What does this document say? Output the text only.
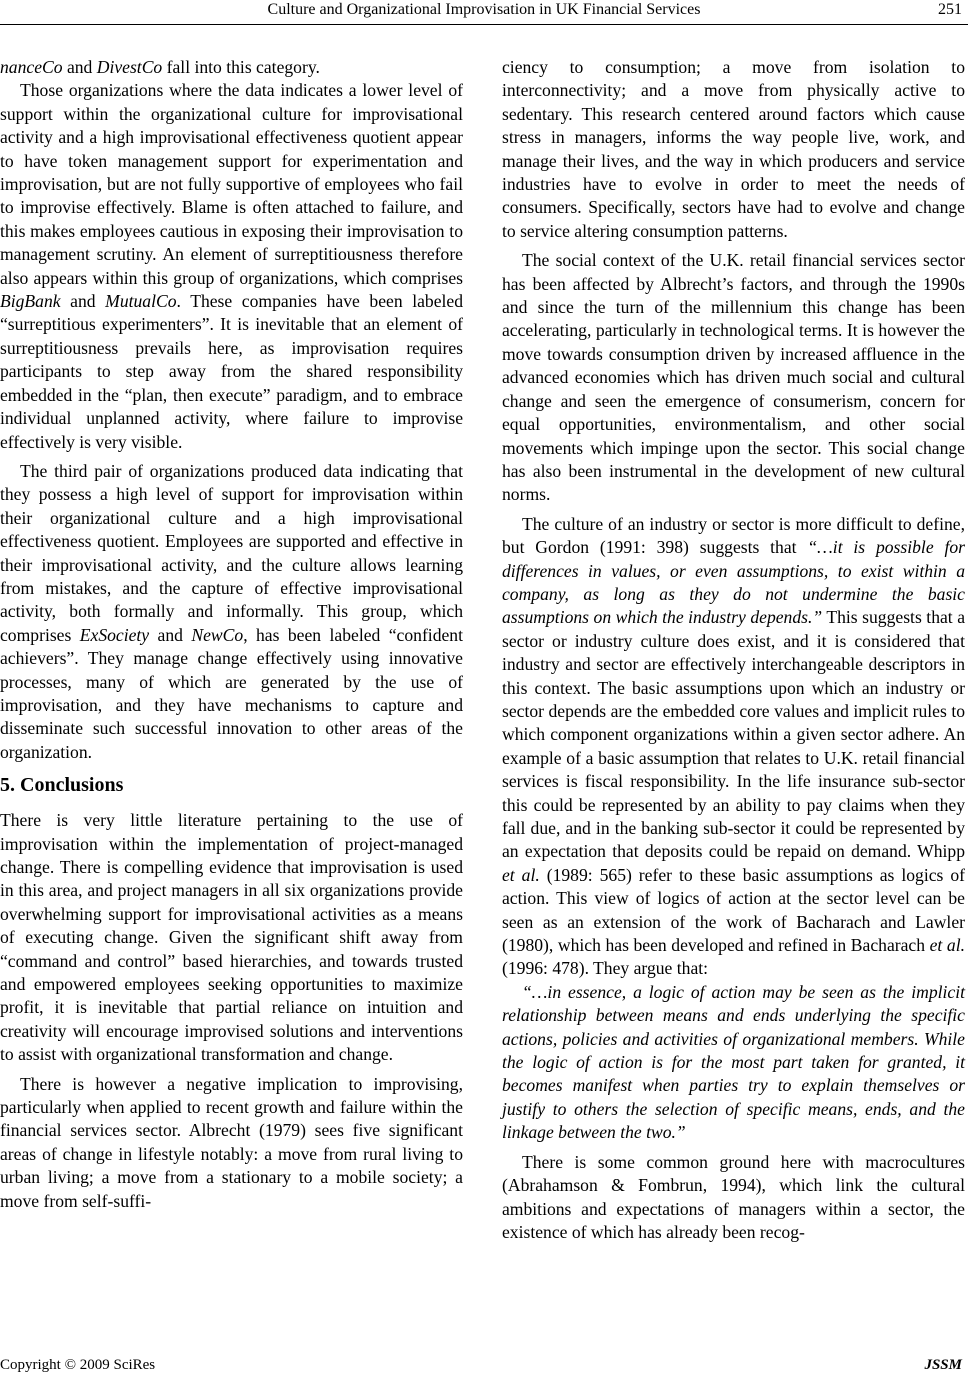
Culture and Organizational Improvisation in UK Financial Services	251

nanceCo and DivestCo fall into this category.

Those organizations where the data indicates a lower level of support within the organizational culture for improvisational activity and a high improvisational effectiveness quotient appear to have token management support for experimentation and improvisation, but are not fully supportive of employees who fail to improvise effectively. Blame is often attached to failure, and this makes employees cautious in exposing their improvisation to management scrutiny. An element of surreptitiousness therefore also appears within this group of organizations, which comprises BigBank and MutualCo. These companies have been labeled “surreptitious experimenters”. It is inevitable that an element of surreptitiousness prevails here, as improvisation requires participants to step away from the shared responsibility embedded in the “plan, then execute” paradigm, and to embrace individual unplanned activity, where failure to improvise effectively is very visible.

The third pair of organizations produced data indicating that they possess a high level of support for improvisation within their organizational culture and a high improvisational effectiveness quotient. Employees are supported and effective in their improvisational activity, and the culture allows learning from mistakes, and the capture of effective improvisational activity, both formally and informally. This group, which comprises ExSociety and NewCo, has been labeled “confident achievers”. They manage change effectively using innovative processes, many of which are generated by the use of improvisation, and they have mechanisms to capture and disseminate such successful innovation to other areas of the organization.

5. Conclusions

There is very little literature pertaining to the use of improvisation within the implementation of project-managed change. There is compelling evidence that improvisation is used in this area, and project managers in all six organizations provide overwhelming support for improvisational activities as a means of executing change. Given the significant shift away from “command and control” based hierarchies, and towards trusted and empowered employees seeking opportunities to maximize profit, it is inevitable that partial reliance on intuition and creativity will encourage improvised solutions and interventions to assist with organizational transformation and change.

There is however a negative implication to improvising, particularly when applied to recent growth and failure within the financial services sector. Albrecht (1979) sees five significant areas of change in lifestyle notably: a move from rural living to urban living; a move from a stationary to a mobile society; a move from self-suffi-

ciency to consumption; a move from isolation to interconnectivity; and a move from physically active to sedentary. This research centered around factors which cause stress in managers, informs the way people live, work, and manage their lives, and the way in which producers and service industries have to evolve in order to meet the needs of consumers. Specifically, sectors have had to evolve and change to service altering consumption patterns.

The social context of the U.K. retail financial services sector has been affected by Albrecht’s factors, and through the 1990s and since the turn of the millennium this change has been accelerating, particularly in technological terms. It is however the move towards consumption driven by increased affluence in the advanced economies which has driven much social and cultural change and seen the emergence of consumerism, concern for equal opportunities, environmentalism, and other social movements which impinge upon the sector. This social change has also been instrumental in the development of new cultural norms.

The culture of an industry or sector is more difficult to define, but Gordon (1991: 398) suggests that “…it is possible for differences in values, or even assumptions, to exist within a company, as long as they do not undermine the basic assumptions on which the industry depends.” This suggests that a sector or industry culture does exist, and it is considered that industry and sector are effectively interchangeable descriptors in this context. The basic assumptions upon which an industry or sector depends are the embedded core values and implicit rules to which component organizations within a given sector adhere. An example of a basic assumption that relates to U.K. retail financial services is fiscal responsibility. In the life insurance sub-sector this could be represented by an ability to pay claims when they fall due, and in the banking sub-sector it could be represented by an expectation that deposits could be repaid on demand. Whipp et al. (1989: 565) refer to these basic assumptions as logics of action. This view of logics of action at the sector level can be seen as an extension of the work of Bacharach and Lawler (1980), which has been developed and refined in Bacharach et al. (1996: 478). They argue that:

“…in essence, a logic of action may be seen as the implicit relationship between means and ends underlying the specific actions, policies and activities of organizational members. While the logic of action is for the most part taken for granted, it becomes manifest when parties try to explain themselves or justify to others the selection of specific means, ends, and the linkage between the two.”

There is some common ground here with macrocultures (Abrahamson & Fombrun, 1994), which link the cultural ambitions and expectations of managers within a sector, the existence of which has already been recog-

Copyright © 2009 SciRes	JSSM
